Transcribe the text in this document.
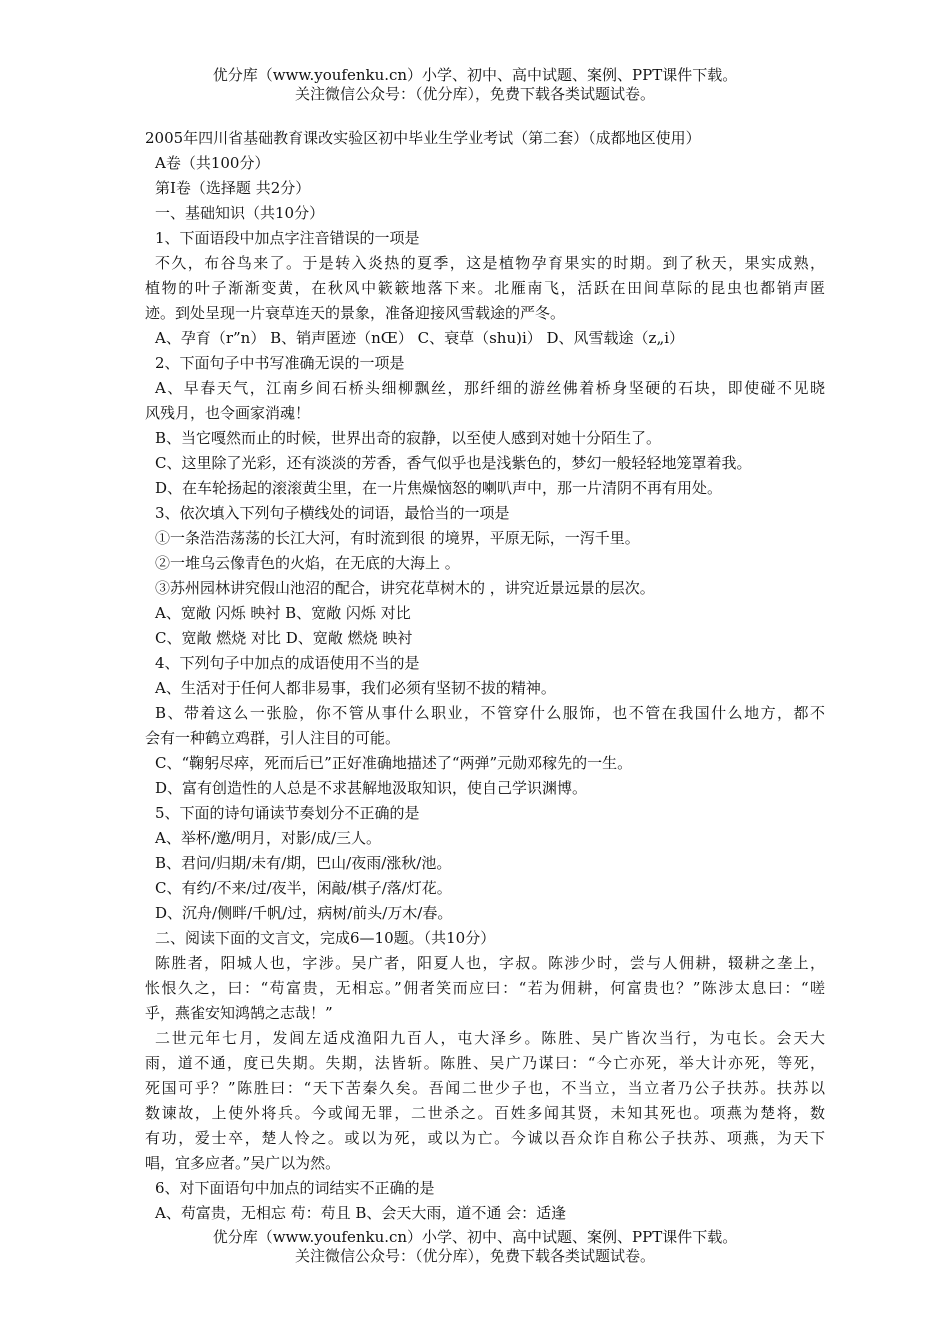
优分库（www.youfenku.cn）小学、初中、高中试题、案例、PPT课件下载。
关注微信公众号：（优分库），免费下载各类试题试卷。
2005年四川省基础教育课改实验区初中毕业生学业考试（第二套）（成都地区使用）
A卷（共100分）
第Ⅰ卷（选择题 共2分）
一、基础知识（共10分）
1、下面语段中加点字注音错误的一项是
不久，布谷鸟来了。于是转入炎热的夏季，这是植物孕育果实的时期。到了秋天，果实成熟，
植物的叶子渐渐变黄，在秋风中簌簌地落下来。北雁南飞，活跃在田间草际的昆虫也都销声匿
迹。到处呈现一片衰草连天的景象，准备迎接风雪载途的严冬。
A、孕育（r”n） B、销声匿迹（nŒ） C、衰草（shu)i） D、风雪载途（z„i）
2、下面句子中书写准确无误的一项是
A、早春天气，江南乡间石桥头细柳飘丝，那纤细的游丝佛着桥身坚硬的石块，即使碰不见晓
风残月，也令画家消魂！
B、当它嘎然而止的时候，世界出奇的寂静，以至使人感到对她十分陌生了。
C、这里除了光彩，还有淡淡的芳香，香气似乎也是浅紫色的，梦幻一般轻轻地笼罩着我。
D、在车轮扬起的滚滚黄尘里，在一片焦燥恼怒的喇叭声中，那一片清阴不再有用处。
3、依次填入下列句子横线处的词语，最恰当的一项是
①一条浩浩荡荡的长江大河，有时流到很 的境界，平原无际，一泻千里。
②一堆乌云像青色的火焰，在无底的大海上 。
③苏州园林讲究假山池沼的配合，讲究花草树木的 ，讲究近景远景的层次。
A、宽敞 闪烁 映衬 B、宽敞 闪烁 对比
C、宽敞 燃烧 对比 D、宽敞 燃烧 映衬
4、下列句子中加点的成语使用不当的是
A、生活对于任何人都非易事，我们必须有坚韧不拔的精神。
B、带着这么一张脸，你不管从事什么职业，不管穿什么服饰，也不管在我国什么地方，都不
会有一种鹤立鸡群，引人注目的可能。
C、“鞠躬尽瘁，死而后已”正好准确地描述了“两弹”元勋邓稼先的一生。
D、富有创造性的人总是不求甚解地汲取知识，使自己学识渊博。
5、下面的诗句诵读节奏划分不正确的是
A、举杯/邀/明月，对影/成/三人。
B、君问/归期/未有/期，巴山/夜雨/涨秋/池。
C、有约/不来/过/夜半，闲敲/棋子/落/灯花。
D、沉舟/侧畔/千帆/过，病树/前头/万木/春。
二、阅读下面的文言文，完成6—10题。（共10分）
陈胜者，阳城人也，字涉。吴广者，阳夏人也，字叔。陈涉少时，尝与人佣耕，辍耕之垄上，
怅恨久之，曰：“苟富贵，无相忘。”佣者笑而应曰：“若为佣耕，何富贵也？”陈涉太息曰：“嗟
乎，燕雀安知鸿鹄之志哉！”
二世元年七月，发闾左适戍渔阳九百人，屯大泽乡。陈胜、吴广皆次当行，为屯长。会天大
雨，道不通，度已失期。失期，法皆斩。陈胜、吴广乃谋曰：“今亡亦死，举大计亦死，等死，
死国可乎？”陈胜曰：“天下苦秦久矣。吾闻二世少子也，不当立，当立者乃公子扶苏。扶苏以
数谏故，上使外将兵。今或闻无罪，二世杀之。百姓多闻其贤，未知其死也。项燕为楚将，数
有功，爱士卒，楚人怜之。或以为死，或以为亡。今诚以吾众诈自称公子扶苏、项燕，为天下
唱，宜多应者。”吴广以为然。
6、对下面语句中加点的词结实不正确的是
A、苟富贵，无相忘 苟：苟且 B、会天大雨，道不通 会：适逢
优分库（www.youfenku.cn）小学、初中、高中试题、案例、PPT课件下载。
关注微信公众号：（优分库），免费下载各类试题试卷。
